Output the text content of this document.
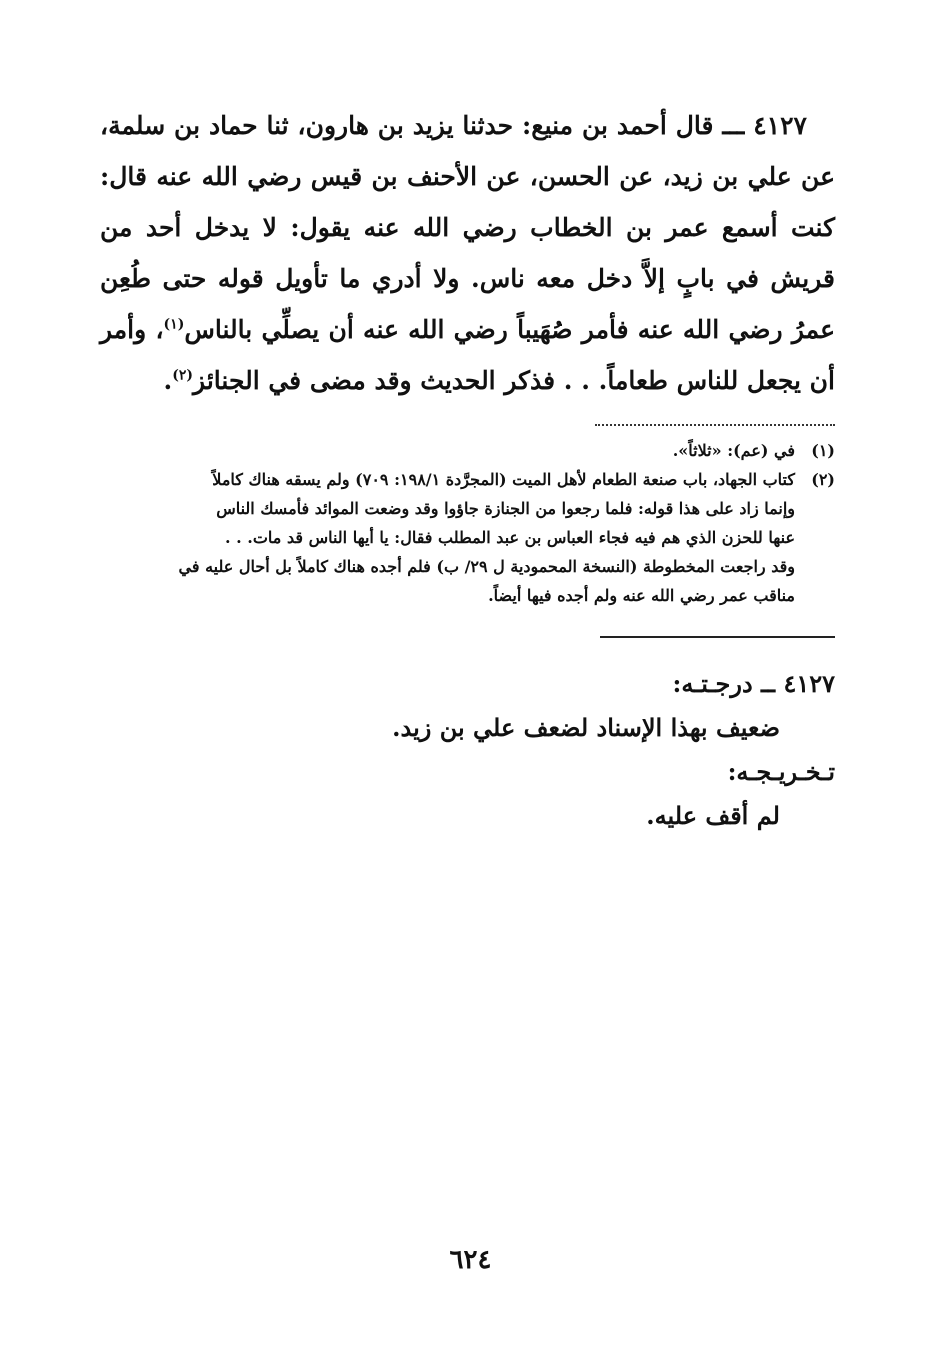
٤١٢٧ ـــ قال أحمد بن منيع: حدثنا يزيد بن هارون، ثنا حماد بن سلمة، عن علي بن زيد، عن الحسن، عن الأحنف بن قيس رضي الله عنه قال: كنت أسمع عمر بن الخطاب رضي الله عنه يقول: لا يدخل أحد من قريش في بابٍ إلاَّ دخل معه ناس. ولا أدري ما تأويل قوله حتى طُعِن عمرُ رضي الله عنه فأمر صُهَيباً رضي الله عنه أن يصلِّي بالناس$^{(١)}$، وأمر أن يجعل للناس طعاماً. . . فذكر الحديث وقد مضى في الجنائز$^{(٢)}$.

(١)
في (عم): «ثلاثاً».
(٢)
كتاب الجهاد، باب صنعة الطعام لأهل الميت (المجرَّدة ١٩٨/١: ٧٠٩) ولم يسقه هناك كاملاً
وإنما زاد على هذا قوله: فلما رجعوا من الجنازة جاؤوا وقد وضعت الموائد فأمسك الناس
عنها للحزن الذي هم فيه فجاء العباس بن عبد المطلب فقال: يا أيها الناس قد مات. . .
وقد راجعت المخطوطة (النسخة المحمودية ل ٢٩/ ب) فلم أجده هناك كاملاً بل أحال عليه في
مناقب عمر رضي الله عنه ولم أجده فيها أيضاً.
٤١٢٧ ــ درجـتـه:
ضعيف بهذا الإسناد لضعف علي بن زيد.
تـخـريـجـه:
لم أقف عليه.
٦٢٤
